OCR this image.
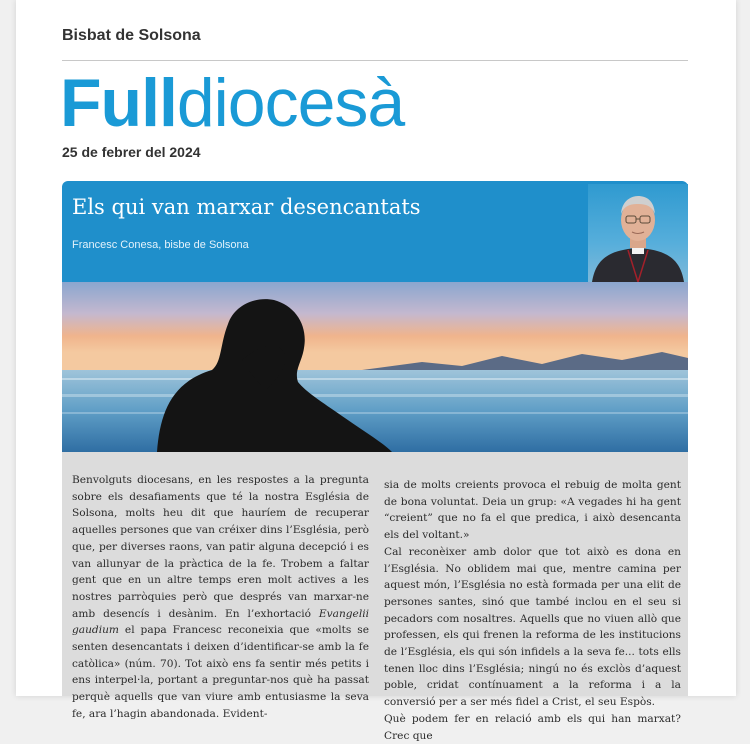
Bisbat de Solsona
Fulldiocesà
25 de febrer del 2024
Els qui van marxar desencantats
Francesc Conesa, bisbe de Solsona

Benvolguts diocesans, en les respostes a la pregunta sobre els desafiaments que té la nostra Església de Solsona, molts heu dit que hauríem de recuperar aquelles persones que van créixer dins l’Església, però que, per diverses raons, van patir alguna decepció i es van allunyar de la pràctica de la fe. Trobem a faltar gent que en un altre temps eren molt actives a les nostres parròquies però que després van marxar-ne amb desencís i desànim. En l’exhortació Evangelii gaudium el papa Francesc reconeixia que «molts se senten desencantats i deixen d’identificar-se amb la fe catòlica» (núm. 70). Tot això ens fa sentir més petits i ens interpel·la, portant a preguntar-nos què ha passat perquè aquells que van viure amb entusiasme la seva fe, ara l’hagin abandonada. Evident-

sia de molts creients provoca el rebuig de molta gent de bona voluntat. Deia un grup: «A vegades hi ha gent “creient” que no fa el que predica, i això desencanta els del voltant.»

Cal reconèixer amb dolor que tot això es dona en l’Església. No oblidem mai que, mentre camina per aquest món, l’Església no està formada per una elit de persones santes, sinó que també inclou en el seu si pecadors com nosaltres. Aquells que no viuen allò que professen, els qui frenen la reforma de les institucions de l’Església, els qui són infidels a la seva fe... tots ells tenen lloc dins l’Església; ningú no és exclòs d’aquest poble, cridat contínuament a la reforma i a la conversió per a ser més fidel a Crist, el seu Espòs.

Què podem fer en relació amb els qui han marxat? Crec que
